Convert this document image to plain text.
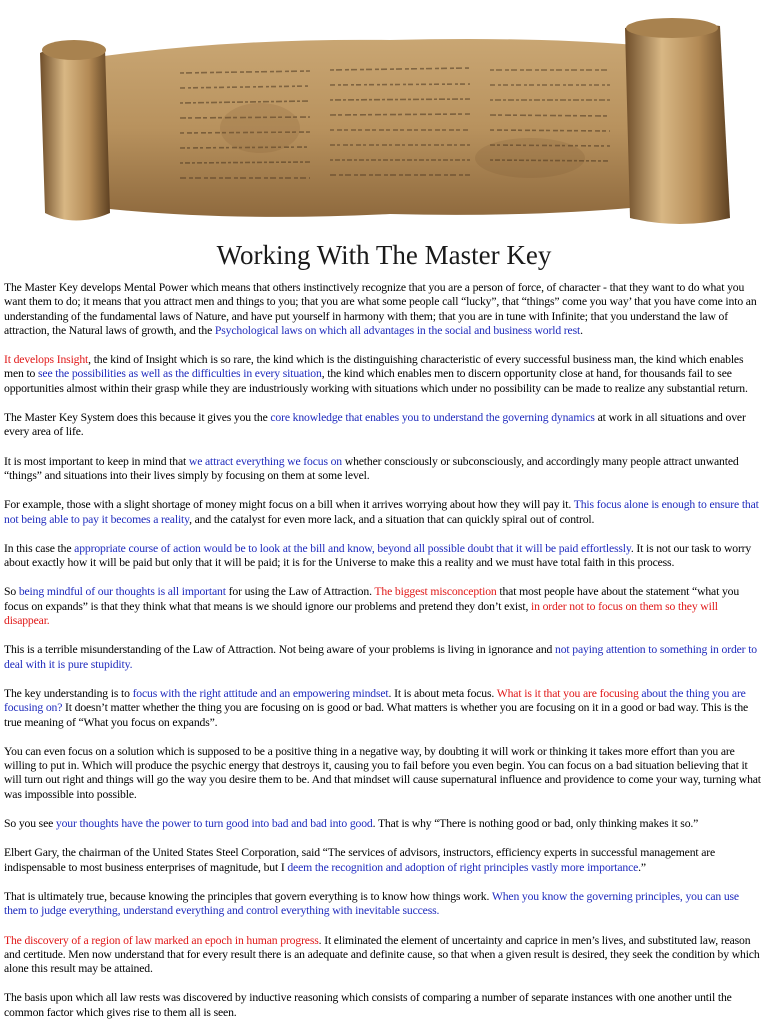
Working With The Master Key

The Master Key develops Mental Power which means that others instinctively recognize that you are a person of force, of character - that they want to do what you want them to do; it means that you attract men and things to you; that you are what some people call “lucky”, that “things” come you way’ that you have come into an understanding of the fundamental laws of Nature, and have put yourself in harmony with them; that you are in tune with Infinite; that you understand the law of attraction, the Natural laws of growth, and the Psychological laws on which all advantages in the social and business world rest.

It develops Insight, the kind of Insight which is so rare, the kind which is the distinguishing characteristic of every successful business man, the kind which enables men to see the possibilities as well as the difficulties in every situation, the kind which enables men to discern opportunity close at hand, for thousands fail to see opportunities almost within their grasp while they are industriously working with situations which under no possibility can be made to realize any substantial return.

The Master Key System does this because it gives you the core knowledge that enables you to understand the governing dynamics at work in all situations and over every area of life.

It is most important to keep in mind that we attract everything we focus on whether consciously or subconsciously, and accordingly many people attract unwanted “things” and situations into their lives simply by focusing on them at some level.

For example, those with a slight shortage of money might focus on a bill when it arrives worrying about how they will pay it. This focus alone is enough to ensure that not being able to pay it becomes a reality, and the catalyst for even more lack, and a situation that can quickly spiral out of control.

In this case the appropriate course of action would be to look at the bill and know, beyond all possible doubt that it will be paid effortlessly. It is not our task to worry about exactly how it will be paid but only that it will be paid; it is for the Universe to make this a reality and we must have total faith in this process.

So being mindful of our thoughts is all important for using the Law of Attraction. The biggest misconception that most people have about the statement “what you focus on expands” is that they think what that means is we should ignore our problems and pretend they don’t exist, in order not to focus on them so they will disappear.

This is a terrible misunderstanding of the Law of Attraction. Not being aware of your problems is living in ignorance and not paying attention to something in order to deal with it is pure stupidity.

The key understanding is to focus with the right attitude and an empowering mindset. It is about meta focus. What is it that you are focusing about the thing you are focusing on? It doesn’t matter whether the thing you are focusing on is good or bad. What matters is whether you are focusing on it in a good or bad way. This is the true meaning of “What you focus on expands”.

You can even focus on a solution which is supposed to be a positive thing in a negative way, by doubting it will work or thinking it takes more effort than you are willing to put in. Which will produce the psychic energy that destroys it, causing you to fail before you even begin. You can focus on a bad situation believing that it will turn out right and things will go the way you desire them to be. And that mindset will cause supernatural influence and providence to come your way, turning what was impossible into possible.

So you see your thoughts have the power to turn good into bad and bad into good. That is why “There is nothing good or bad, only thinking makes it so.”

Elbert Gary, the chairman of the United States Steel Corporation, said “The services of advisors, instructors, efficiency experts in successful management are indispensable to most business enterprises of magnitude, but I deem the recognition and adoption of right principles vastly more importance.”

That is ultimately true, because knowing the principles that govern everything is to know how things work. When you know the governing principles, you can use them to judge everything, understand everything and control everything with inevitable success.

The discovery of a region of law marked an epoch in human progress. It eliminated the element of uncertainty and caprice in men’s lives, and substituted law, reason and certitude. Men now understand that for every result there is an adequate and definite cause, so that when a given result is desired, they seek the condition by which alone this result may be attained.

The basis upon which all law rests was discovered by inductive reasoning which consists of comparing a number of separate instances with one another until the common factor which gives rise to them all is seen.
